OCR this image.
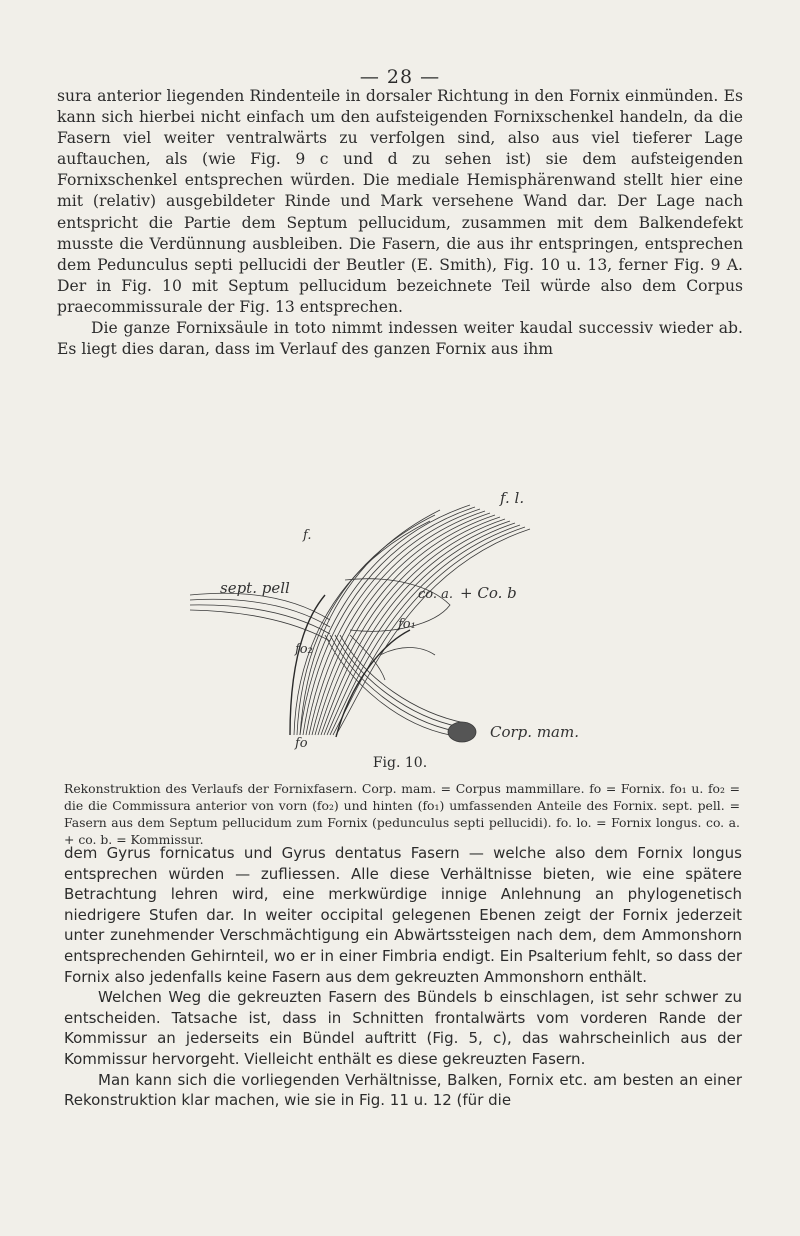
— 28 —

sura anterior liegenden Rindenteile in dorsaler Richtung in den Fornix einmünden. Es kann sich hierbei nicht einfach um den aufsteigenden Fornixschenkel handeln, da die Fasern viel weiter ventralwärts zu verfolgen sind, also aus viel tieferer Lage auftauchen, als (wie Fig. 9 c und d zu sehen ist) sie dem aufsteigenden Fornixschenkel entsprechen würden. Die mediale Hemisphärenwand stellt hier eine mit (relativ) ausgebildeter Rinde und Mark versehene Wand dar. Der Lage nach entspricht die Partie dem Septum pellucidum, zusammen mit dem Balkendefekt musste die Verdünnung ausbleiben. Die Fasern, die aus ihr entspringen, entsprechen dem Pedunculus septi pellucidi der Beutler (E. Smith), Fig. 10 u. 13, ferner Fig. 9 A. Der in Fig. 10 mit Septum pellucidum bezeichnete Teil würde also dem Corpus praecommissurale der Fig. 13 entsprechen.

Die ganze Fornixsäule in toto nimmt indessen weiter kaudal successiv wieder ab. Es liegt dies daran, dass im Verlauf des ganzen Fornix aus ihm

f. l.
f.
sept. pell	co. a. + Co. b
fo₁
fo₂
fo
Corp. mam.
Fig. 10.

Rekonstruktion des Verlaufs der Fornixfasern. Corp. mam. = Corpus mammillare. fo = Fornix. fo₁ u. fo₂ = die die Commissura anterior von vorn (fo₂) und hinten (fo₁) umfassenden Anteile des Fornix. sept. pell. = Fasern aus dem Septum pellucidum zum Fornix (pedunculus septi pellucidi). fo. lo. = Fornix longus. co. a. + co. b. = Kommissur.

dem Gyrus fornicatus und Gyrus dentatus Fasern — welche also dem Fornix longus entsprechen würden — zufliessen. Alle diese Verhältnisse bieten, wie eine spätere Betrachtung lehren wird, eine merkwürdige innige Anlehnung an phylogenetisch niedrigere Stufen dar. In weiter occipital gelegenen Ebenen zeigt der Fornix jederzeit unter zunehmender Verschmächtigung ein Abwärtssteigen nach dem, dem Ammonshorn entsprechenden Gehirnteil, wo er in einer Fimbria endigt. Ein Psalterium fehlt, so dass der Fornix also jedenfalls keine Fasern aus dem gekreuzten Ammonshorn enthält.

Welchen Weg die gekreuzten Fasern des Bündels b einschlagen, ist sehr schwer zu entscheiden. Tatsache ist, dass in Schnitten frontalwärts vom vorderen Rande der Kommissur an jederseits ein Bündel auftritt (Fig. 5, c), das wahrscheinlich aus der Kommissur hervorgeht. Vielleicht enthält es diese gekreuzten Fasern.

Man kann sich die vorliegenden Verhältnisse, Balken, Fornix etc. am besten an einer Rekonstruktion klar machen, wie sie in Fig. 11 u. 12 (für die
